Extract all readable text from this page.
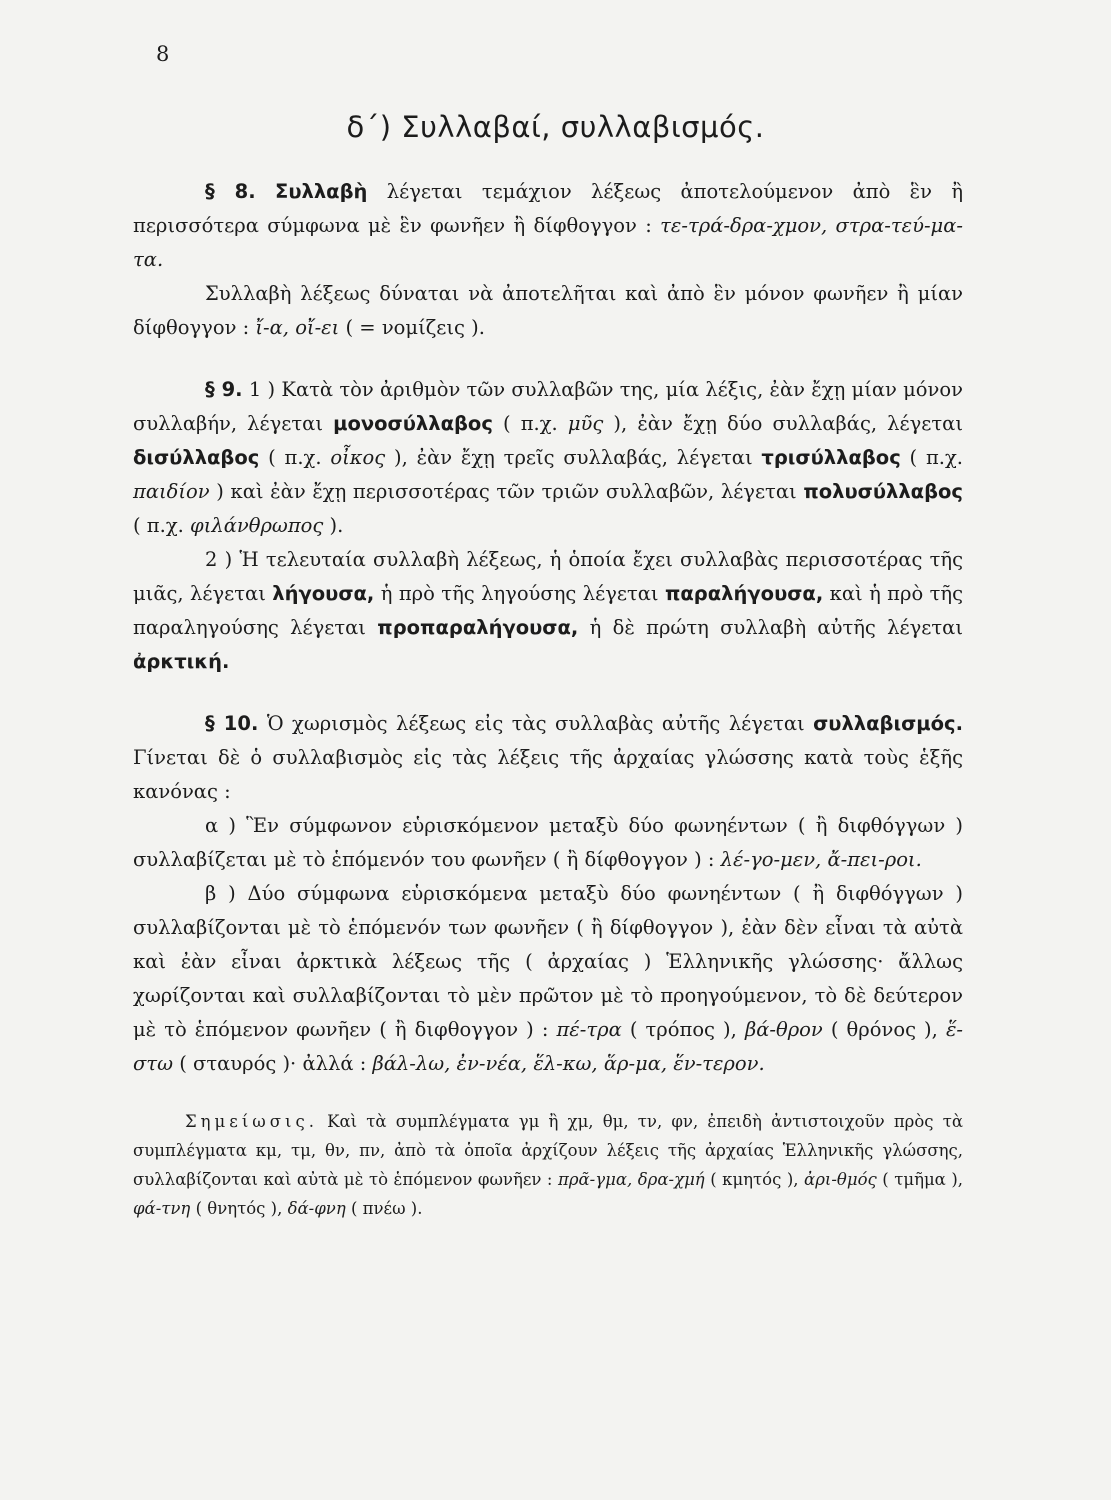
8
δ΄) Συλλαβαί, συλλαβισμός.

§ 8. Συλλαβὴ λέγεται τεμάχιον λέξεως ἀποτελούμενον ἀπὸ ἓν ἢ περισσότερα σύμφωνα μὲ ἓν φωνῆεν ἢ δίφθογγον : τε-τρά-δρα-χμον, στρα-τεύ-μα-τα.

Συλλαβὴ λέξεως δύναται νὰ ἀποτελῆται καὶ ἀπὸ ἓν μόνον φωνῆεν ἢ μίαν δίφθογγον : ἴ-α, οἴ-ει ( = νομίζεις ).

§ 9. 1 ) Κατὰ τὸν ἀριθμὸν τῶν συλλαβῶν της, μία λέξις, ἐὰν ἔχῃ μίαν μόνον συλλαβήν, λέγεται μονοσύλλαβος ( π.χ. μῦς ), ἐὰν ἔχῃ δύο συλλαβάς, λέγεται δισύλλαβος ( π.χ. οἶκος ), ἐὰν ἔχῃ τρεῖς συλλαβάς, λέγεται τρισύλλαβος ( π.χ. παιδίον ) καὶ ἐὰν ἔχῃ περισσοτέρας τῶν τριῶν συλλαβῶν, λέγεται πολυσύλλαβος ( π.χ. φιλάνθρωπος ).

2 ) Ἡ τελευταία συλλαβὴ λέξεως, ἡ ὁποία ἔχει συλλαβὰς περισσοτέρας τῆς μιᾶς, λέγεται λήγουσα, ἡ πρὸ τῆς ληγούσης λέγεται παραλήγουσα, καὶ ἡ πρὸ τῆς παραληγούσης λέγεται προπαραλήγουσα, ἡ δὲ πρώτη συλλαβὴ αὐτῆς λέγεται ἀρκτική.

§ 10. Ὁ χωρισμὸς λέξεως εἰς τὰς συλλαβὰς αὐτῆς λέγεται συλλαβισμός. Γίνεται δὲ ὁ συλλαβισμὸς εἰς τὰς λέξεις τῆς ἀρχαίας γλώσσης κατὰ τοὺς ἑξῆς κανόνας :

α ) Ἓν σύμφωνον εὑρισκόμενον μεταξὺ δύο φωνηέντων ( ἢ διφθόγγων ) συλλαβίζεται μὲ τὸ ἑπόμενόν του φωνῆεν ( ἢ δίφθογγον ) : λέ-γο-μεν, ἄ-πει-ροι.

β ) Δύο σύμφωνα εὑρισκόμενα μεταξὺ δύο φωνηέντων ( ἢ διφθόγγων ) συλλαβίζονται μὲ τὸ ἑπόμενόν των φωνῆεν ( ἢ δίφθογγον ), ἐὰν δὲν εἶναι τὰ αὐτὰ καὶ ἐὰν εἶναι ἀρκτικὰ λέξεως τῆς ( ἀρχαίας ) Ἑλληνικῆς γλώσσης· ἄλλως χωρίζονται καὶ συλλαβίζονται τὸ μὲν πρῶτον μὲ τὸ προηγούμενον, τὸ δὲ δεύτερον μὲ τὸ ἑπόμενον φωνῆεν ( ἢ διφθογγον ) : πέ-τρα ( τρόπος ), βά-θρον ( θρόνος ), ἕ-στω ( σταυρός )· ἀλλά : βάλ-λω, ἐν-νέα, ἕλ-κω, ἅρ-μα, ἕν-τερον.

Σημείωσις. Καὶ τὰ συμπλέγματα γμ ἢ χμ, θμ, τν, φν, ἐπειδὴ ἀντιστοιχοῦν πρὸς τὰ συμπλέγματα κμ, τμ, θν, πν, ἀπὸ τὰ ὁποῖα ἀρχίζουν λέξεις τῆς ἀρχαίας Ἑλληνικῆς γλώσσης, συλλαβίζονται καὶ αὐτὰ μὲ τὸ ἑπόμενον φωνῆεν : πρᾶ-γμα, δρα-χμή ( κμητός ), ἀρι-θμός ( τμῆμα ), φά-τνη ( θνητός ), δά-φνη ( πνέω ).
